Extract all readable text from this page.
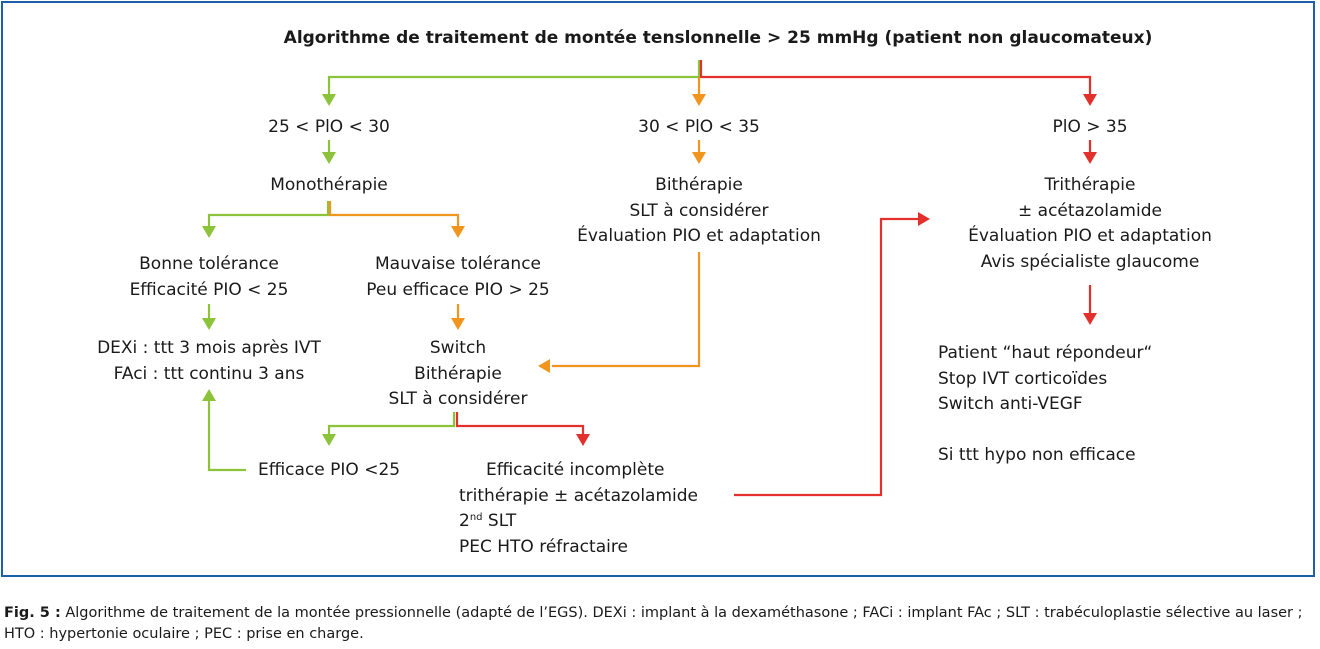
Algorithme de traitement de montée tenslonnelle > 25 mmHg (patient non glaucomateux)
25 < PlO < 30	30 < PlO < 35	PlO > 35
Monothérapie	Bithérapie
SLT à considérer
Évaluation PIO et adaptation
Trithérapie
± acétazolamide
Évaluation PIO et adaptation
Avis spécialiste glaucome
Bonne tolérance
Efficacité PIO < 25
Mauvaise tolérance
Peu efficace PIO > 25
DEXi : ttt 3 mois après IVT
FAci : ttt continu 3 ans
Switch
Bithérapie
SLT à considérer
Efficace PIO <25	Efficacité incomplète
trithérapie ± acétazolamide
2nd SLT
PEC HTO réfractaire
Patient “haut répondeur“
Stop IVT corticoïdes
Switch anti-VEGF
Si ttt hypo non efficace
Fig. 5 : Algorithme de traitement de la montée pressionnelle (adapté de l’EGS). DEXi : implant à la dexaméthasone ; FACi : implant FAc ; SLT : trabéculoplastie sélective au laser ; HTO : hypertonie oculaire ; PEC : prise en charge.
